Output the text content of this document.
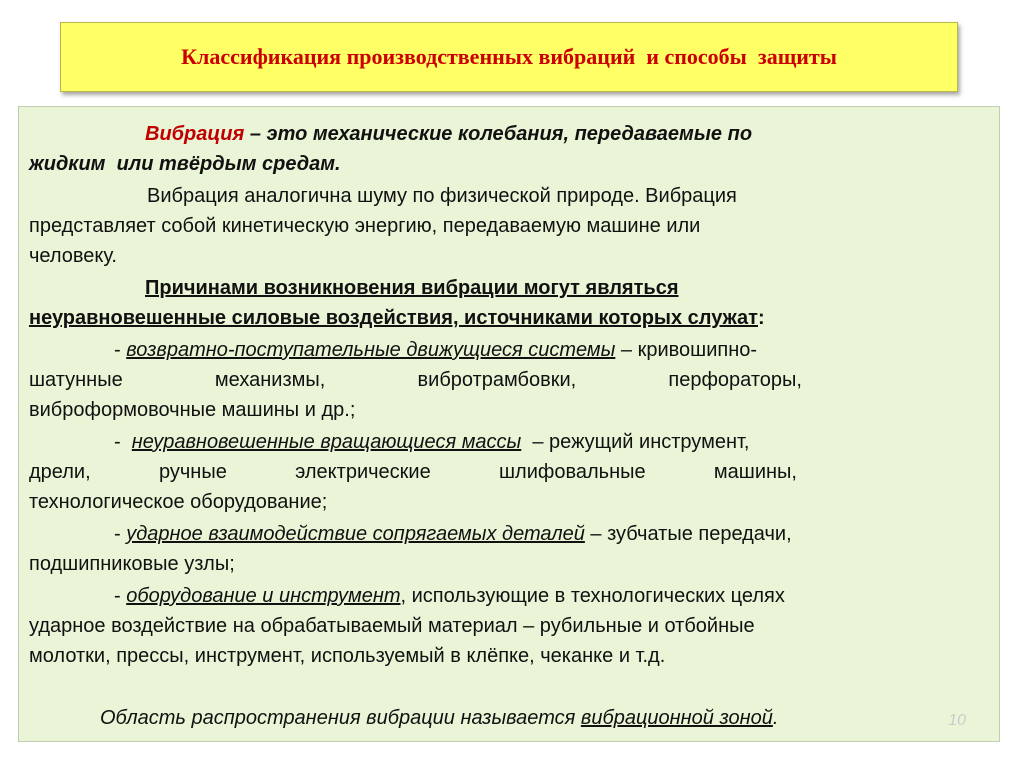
Классификация производственных вибраций  и способы  защиты
Вибрация – это механические колебания, передаваемые по
жидким  или твёрдым средам.
Вибрация аналогична шуму по физической природе. Вибрация
представляет собой кинетическую энергию, передаваемую машине или
человеку.
Причинами возникновения вибрации могут являться
неуравновешенные силовые воздействия, источниками которых служат:
- возвратно-поступательные движущиеся системы – кривошипно-
шатунные	механизмы,	вибротрамбовки,	перфораторы,
виброформовочные машины и др.;
-  неуравновешенные вращающиеся массы  – режущий инструмент,
дрели,	ручные	электрические	шлифовальные	машины,
технологическое оборудование;
- ударное взаимодействие сопрягаемых деталей – зубчатые передачи,
подшипниковые узлы;
- оборудование и инструмент, использующие в технологических целях
ударное воздействие на обрабатываемый материал – рубильные и отбойные
молотки, прессы, инструмент, используемый в клёпке, чеканке и т.д.
Область распространения вибрации называется вибрационной зоной.	10
